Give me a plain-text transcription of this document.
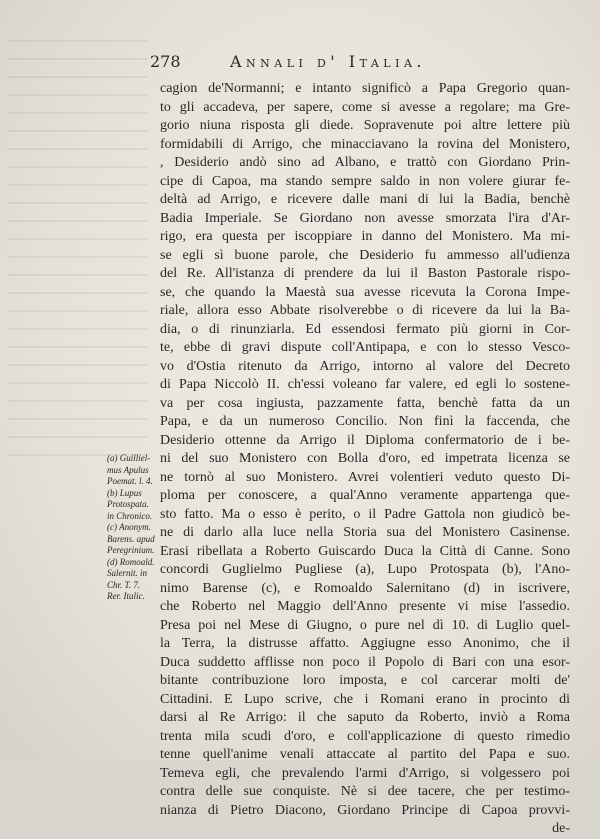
278	Annali d' Italia.
cagion de'Normanni; e intanto significò a Papa Gregorio quan-
to gli accadeva, per sapere, come si avesse a regolare; ma Gre-
gorio niuna risposta gli diede. Sopravenute poi altre lettere più
formidabili di Arrigo, che minacciavano la rovina del Monistero,
, Desiderio andò sino ad Albano, e trattò con Giordano Prin-
cipe di Capoa, ma stando sempre saldo in non volere giurar fe-
deltà ad Arrigo, e ricevere dalle mani di lui la Badia, benchè
Badia Imperiale. Se Giordano non avesse smorzata l'ira d'Ar-
rigo, era questa per iscoppiare in danno del Monistero. Ma mi-
se egli sì buone parole, che Desiderio fu ammesso all'udienza
del Re. All'istanza di prendere da lui il Baston Pastorale rispo-
se, che quando la Maestà sua avesse ricevuta la Corona Impe-
riale, allora esso Abbate risolverebbe o di ricevere da lui la Ba-
dia, o di rinunziarla. Ed essendosi fermato più giorni in Cor-
te, ebbe di gravi dispute coll'Antipapa, e con lo stesso Vesco-
vo d'Ostia ritenuto da Arrigo, intorno al valore del Decreto
di Papa Niccolò II. ch'essi voleano far valere, ed egli lo sostene-
va per cosa ingiusta, pazzamente fatta, benchè fatta da un
Papa, e da un numeroso Concilio. Non finì la faccenda, che
Desiderio ottenne da Arrigo il Diploma confermatorio de i be-
ni del suo Monistero con Bolla d'oro, ed impetrata licenza se
ne tornò al suo Monistero. Avrei volentieri veduto questo Di-
ploma per conoscere, a qual'Anno veramente appartenga que-
sto fatto. Ma o esso è perito, o il Padre Gattola non giudicò be-
ne di darlo alla luce nella Storia sua del Monistero Casinense.
Erasi ribellata a Roberto Guiscardo Duca la Città di Canne. Sono
concordi Guglielmo Pugliese (a), Lupo Protospata (b), l'Ano-
nimo Barense (c), e Romoaldo Salernitano (d) in iscrivere,
che Roberto nel Maggio dell'Anno presente vi mise l'assedio.
Presa poi nel Mese di Giugno, o pure nel dì 10. di Luglio quel-
la Terra, la distrusse affatto. Aggiugne esso Anonimo, che il
Duca suddetto afflisse non poco il Popolo di Bari con una esor-
bitante contribuzione loro imposta, e col carcerar molti de'
Cittadini. E Lupo scrive, che i Romani erano in procinto di
darsi al Re Arrigo: il che saputo da Roberto, inviò a Roma
trenta mila scudi d'oro, e coll'applicazione di questo rimedio
tenne quell'anime venali attaccate al partito del Papa e suo.
Temeva egli, che prevalendo l'armi d'Arrigo, si volgessero poi
contra delle sue conquiste. Nè si dee tacere, che per testimo-
nianza di Pietro Diacono, Giordano Principe di Capoa provvi-
de-
(a) Guilliel-
mus Apulus
Poemat. l. 4.
(b) Lupus
Protospata.
in Chronico.
(c) Anonym.
Barens. apud
Peregrinium.
(d) Romoald.
Salernit. in
Chr. T. 7.
Rer. Italic.
